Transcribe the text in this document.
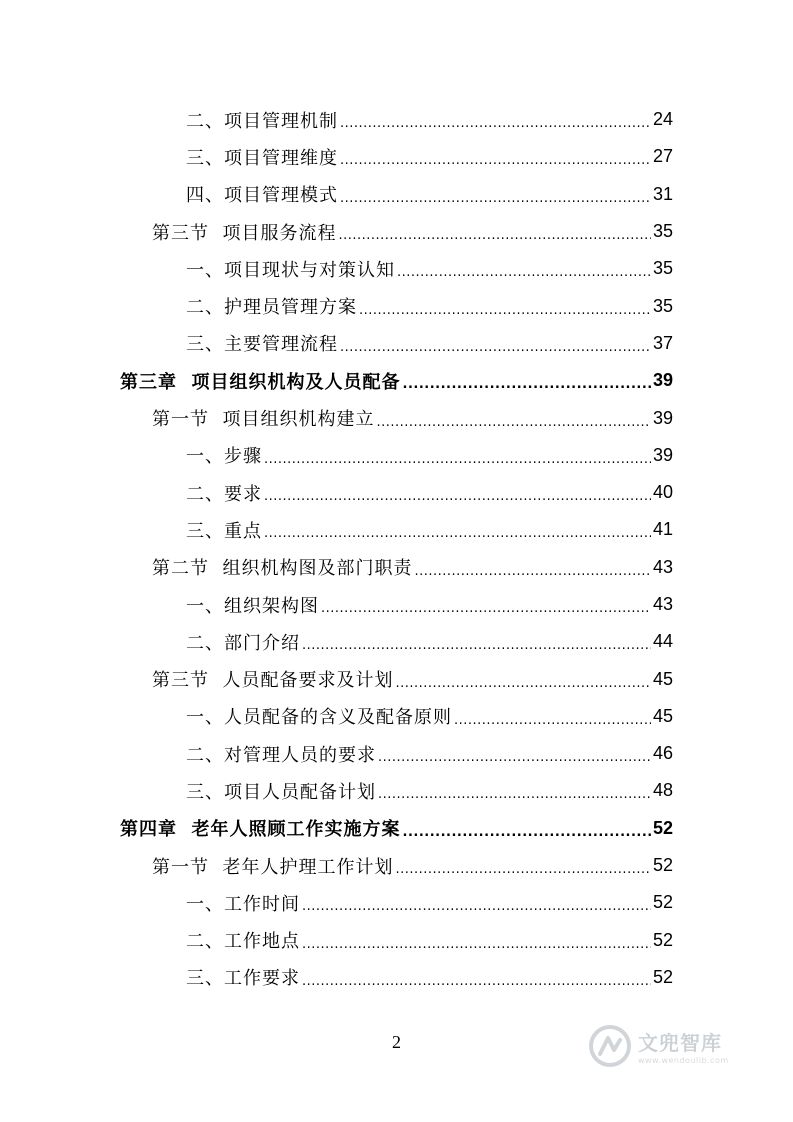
二、项目管理机制 .....	24
三、项目管理维度 .....	27
四、项目管理模式 .....	31
第三节  项目服务流程 .....	35
一、项目现状与对策认知 .....	35
二、护理员管理方案 .....	35
三、主要管理流程 .....	37
第三章  项目组织机构及人员配备 .....	39
第一节  项目组织机构建立 .....	39
一、步骤 .....	39
二、要求 .....	40
三、重点 .....	41
第二节  组织机构图及部门职责 .....	43
一、组织架构图 .....	43
二、部门介绍 .....	44
第三节  人员配备要求及计划 .....	45
一、人员配备的含义及配备原则 .....	45
二、对管理人员的要求 .....	46
三、项目人员配备计划 .....	48
第四章  老年人照顾工作实施方案 .....	52
第一节  老年人护理工作计划 .....	52
一、工作时间 .....	52
二、工作地点 .....	52
三、工作要求 .....	52
2	文兜智库
www.wendoulib.com
